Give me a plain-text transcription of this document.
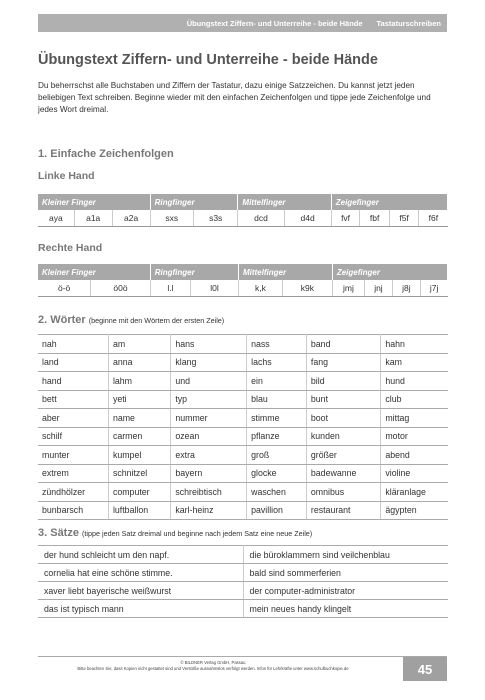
Übungstext Ziffern- und Unterreihe - beide Hände Tastaturschreiben
Übungstext Ziffern- und Unterreihe - beide Hände
Du beherrschst alle Buchstaben und Ziffern der Tastatur, dazu einige Satzzeichen. Du kannst jetzt jeden beliebigen Text schreiben. Beginne wieder mit den einfachen Zeichenfolgen und tippe jede Zeichenfolge und jedes Wort dreimal.
1. Einfache Zeichenfolgen
Linke Hand
Kleiner Finger			Ringfinger		Mittelfinger		Zeigefinger			
aya	a1a	a2a	sxs	s3s	dcd	d4d	fvf	fbf	f5f	f6f
Rechte Hand
Kleiner Finger		Ringfinger		Mittelfinger		Zeigefinger			
ö-ö	ö0ö	l.l	l0l	k,k	k9k	jmj	jnj	j8j	j7j
2. Wörter (beginne mit den Wörtern der ersten Zeile)
nah	am	hans	nass	band	hahn
land	anna	klang	lachs	fang	kam
hand	lahm	und	ein	bild	hund
bett	yeti	typ	blau	bunt	club
aber	name	nummer	stimme	boot	mittag
schilf	carmen	ozean	pflanze	kunden	motor
munter	kumpel	extra	groß	größer	abend
extrem	schnitzel	bayern	glocke	badewanne	violine
zündhölzer	computer	schreibtisch	waschen	omnibus	kläranlage
bunbarsch	luftballon	karl-heinz	pavillion	restaurant	ägypten
3. Sätze (tippe jeden Satz dreimal und beginne nach jedem Satz eine neue Zeile)
der hund schleicht um den napf.	die büroklammern sind veilchenblau
cornelia hat eine schöne stimme.	bald sind sommerferien
xaver liebt bayerische weißwurst	der computer-administrator
das ist typisch mann	mein neues handy klingelt
© BILDNER Verlag GmbH, Passau
Bitte beachten Sie, dass Kopien nicht gestattet sind und Verstöße ausnahmslos verfolgt werden. Infos für Lehrkräfte unter www.schulbuchkopie.de	45
